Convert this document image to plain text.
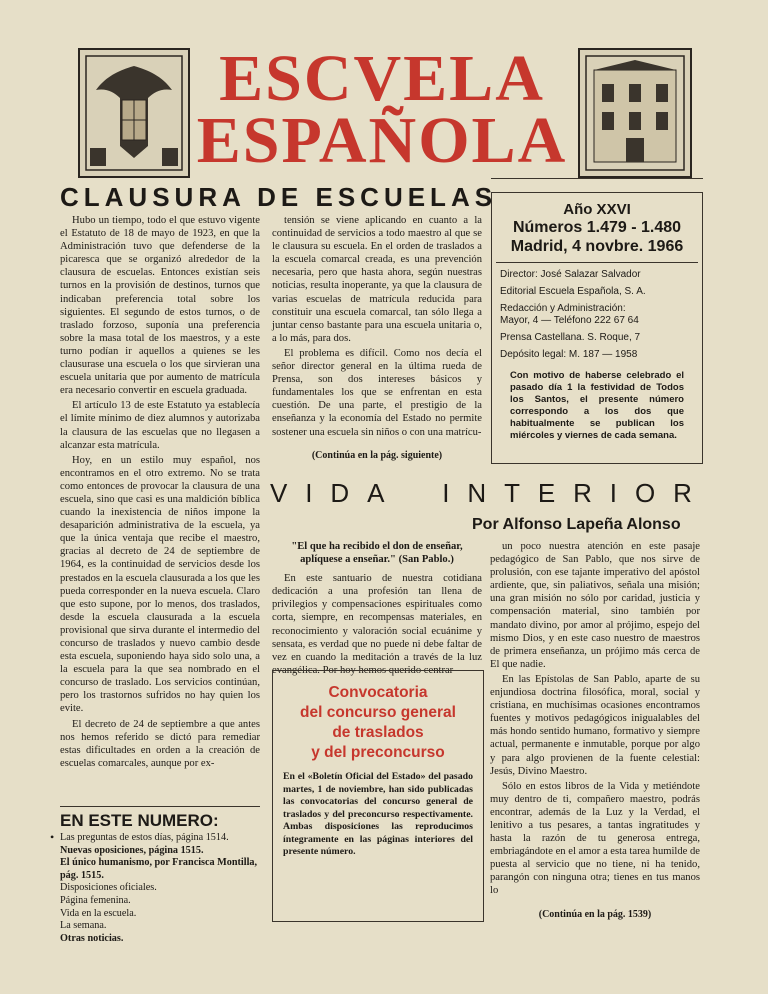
ESCVELA
ESPAÑOLA
CLAUSURA DE ESCUELAS

Hubo un tiempo, todo el que estuvo vigente el Estatuto de 18 de mayo de 1923, en que la Administración tuvo que defenderse de la picaresca que se organizó alrededor de la clausura de escuelas. Entonces existían seis turnos en la provisión de destinos, turnos que indicaban preferencia total sobre los siguientes. El segundo de estos turnos, o de traslado forzoso, suponía una preferencia sobre la masa total de los maestros, y a este turno podían ir aquellos a quienes se les clausurase una escuela o los que sirvieran una escuela unitaria que por aumento de matrícula era necesario convertir en escuela graduada.

El artículo 13 de este Estatuto ya establecía el límite mínimo de diez alumnos y autorizaba la clausura de las escuelas que no llegasen a alcanzar esta matrícula.

Hoy, en un estilo muy español, nos encontramos en el otro extremo. No se trata como entonces de provocar la clausura de una escuela, sino que casi es una maldición bíblica cuando la inexistencia de niños impone la desaparición administrativa de la escuela, ya que la única ventaja que recibe el maestro, gracias al decreto de 24 de septiembre de 1964, es la continuidad de servicios desde los prestados en la escuela clausurada a los que les pueda corresponder en la nueva escuela. Claro que esto supone, por lo menos, dos traslados, desde la escuela clausurada a la escuela provisional que sirva durante el intermedio del concurso de traslados y nuevo cambio desde esta escuela, suponiendo haya sido solo una, a la escuela para la que sea nombrado en el concurso de traslado. Los servicios continúan, pero los trastornos sufridos no hay quien los evite.

El decreto de 24 de septiembre a que antes nos hemos referido se dictó para remediar estas dificultades en orden a la creación de escuelas comarcales, aunque por ex-

tensión se viene aplicando en cuanto a la continuidad de servicios a todo maestro al que se le clausura su escuela. En el orden de traslados a la escuela comarcal creada, es una prevención necesaria, pero que hasta ahora, según nuestras noticias, resulta inoperante, ya que la clausura de varias escuelas de matrícula reducida para constituir una escuela comarcal, tan sólo llega a juntar censo bastante para una escuela unitaria o, a lo más, para dos.

El problema es difícil. Como nos decía el señor director general en la última rueda de Prensa, son dos intereses básicos y fundamentales los que se enfrentan en esta cuestión. De una parte, el prestigio de la enseñanza y la economía del Estado no permite sostener una escuela sin niños o con una matrícu-

(Continúa en la pág. siguiente)
Año XXVI
Números 1.479 - 1.480
Madrid, 4 novbre. 1966
Director: José Salazar Salvador
Editorial Escuela Española, S. A.
Redacción y Administración:
Mayor, 4 — Teléfono 222 67 64
Prensa Castellana. S. Roque, 7
Depósito legal: M. 187 — 1958
Con motivo de haberse celebrado el pasado día 1 la festividad de Todos los Santos, el presente número correspondo a los dos que habitualmente se publican los miércoles y viernes de cada semana.
V I D A I N T E R I O R
Por Alfonso Lapeña Alonso

"El que ha recibido el don de enseñar, aplíquese a enseñar." (San Pablo.)

En este santuario de nuestra cotidiana dedicación a una profesión tan llena de privilegios y compensaciones espirituales como corta, siempre, en recompensas materiales, en reconocimiento y valoración social ecuánime y sensata, es verdad que no puede ni debe faltar de vez en cuando la meditación a través de la luz evangélica. Por hoy hemos querido centrar

Convocatoria
del concurso general
de traslados
y del preconcurso
En el «Boletín Oficial del Estado» del pasado martes, 1 de noviembre, han sido publicadas las convocatorias del concurso general de traslados y del preconcurso respectivamente. Ambas disposiciones las reproducimos íntegramente en las páginas interiores del presente número.

un poco nuestra atención en este pasaje pedagógico de San Pablo, que nos sirve de prolusión, con ese tajante imperativo del apóstol ardiente, que, sin paliativos, señala una misión; una gran misión no sólo por caridad, justicia y compensación material, sino también por mandato divino, por amor al prójimo, espejo del mismo Dios, y en este caso nuestro de maestros de primera enseñanza, un prójimo más cerca de El que nadie.

En las Epístolas de San Pablo, aparte de su enjundiosa doctrina filosófica, moral, social y cristiana, en muchísimas ocasiones encontramos fuentes y motivos pedagógicos inigualables del más hondo sentido humano, formativo y siempre actual, permanente e inmutable, porque por algo y para algo provienen de la fuente celestial: Jesús, Divino Maestro.

Sólo en estos libros de la Vida y metiéndote muy dentro de ti, compañero maestro, podrás encontrar, además de la Luz y la Verdad, el lenitivo a tus pesares, a tantas ingratitudes y hasta la razón de tu generosa entrega, embriagándote en el amor a esta tarea humilde de puesta al servicio que no tiene, ni ha tenido, parangón con ninguna otra; tienes en tus manos lo

(Continúa en la pág. 1539)
EN ESTE NUMERO:
• Las preguntas de estos días, página 1514.
Nuevas oposiciones, página 1515.
El único humanismo, por Francisca Montilla, pág. 1515.
Disposiciones oficiales.
Página femenina.
Vida en la escuela.
La semana.
Otras noticias.
